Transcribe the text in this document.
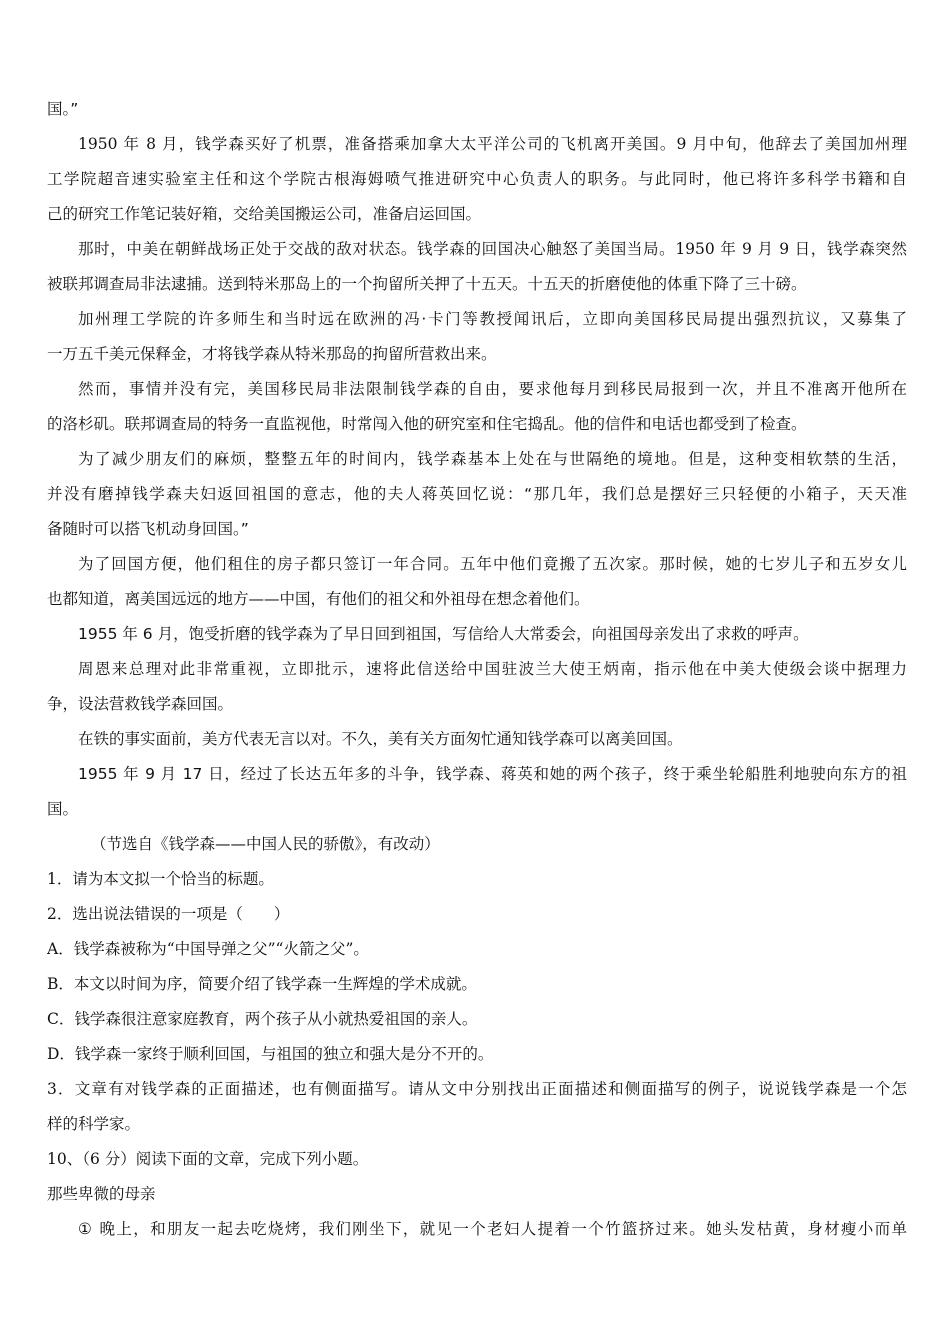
国。”
1950 年 8 月，钱学森买好了机票，准备搭乘加拿大太平洋公司的飞机离开美国。9 月中旬，他辞去了美国加州理
工学院超音速实验室主任和这个学院古根海姆喷气推进研究中心负责人的职务。与此同时，他已将许多科学书籍和自
己的研究工作笔记装好箱，交给美国搬运公司，准备启运回国。
那时，中美在朝鲜战场正处于交战的敌对状态。钱学森的回国决心触怒了美国当局。1950 年 9 月 9 日，钱学森突然
被联邦调查局非法逮捕。送到特米那岛上的一个拘留所关押了十五天。十五天的折磨使他的体重下降了三十磅。
加州理工学院的许多师生和当时远在欧洲的冯·卡门等教授闻讯后，立即向美国移民局提出强烈抗议，又募集了
一万五千美元保释金，才将钱学森从特米那岛的拘留所营救出来。
然而，事情并没有完，美国移民局非法限制钱学森的自由，要求他每月到移民局报到一次，并且不准离开他所在
的洛杉矶。联邦调查局的特务一直监视他，时常闯入他的研究室和住宅捣乱。他的信件和电话也都受到了检查。
为了减少朋友们的麻烦，整整五年的时间内，钱学森基本上处在与世隔绝的境地。但是，这种变相软禁的生活，
并没有磨掉钱学森夫妇返回祖国的意志，他的夫人蒋英回忆说：“那几年，我们总是摆好三只轻便的小箱子，天天准
备随时可以搭飞机动身回国。”
为了回国方便，他们租住的房子都只签订一年合同。五年中他们竟搬了五次家。那时候，她的七岁儿子和五岁女儿
也都知道，离美国远远的地方——中国，有他们的祖父和外祖母在想念着他们。
1955 年 6 月，饱受折磨的钱学森为了早日回到祖国，写信给人大常委会，向祖国母亲发出了求救的呼声。
周恩来总理对此非常重视，立即批示，速将此信送给中国驻波兰大使王炳南，指示他在中美大使级会谈中据理力
争，设法营救钱学森回国。
在铁的事实面前，美方代表无言以对。不久，美有关方面匆忙通知钱学森可以离美回国。
1955 年 9 月 17 日，经过了长达五年多的斗争，钱学森、蒋英和她的两个孩子，终于乘坐轮船胜利地驶向东方的祖
国。
（节选自《钱学森——中国人民的骄傲》，有改动）
1．请为本文拟一个恰当的标题。
2．选出说法错误的一项是（　　）
A．钱学森被称为“中国导弹之父”“火箭之父”。
B．本文以时间为序，简要介绍了钱学森一生辉煌的学术成就。
C．钱学森很注意家庭教育，两个孩子从小就热爱祖国的亲人。
D．钱学森一家终于顺利回国，与祖国的独立和强大是分不开的。
3．文章有对钱学森的正面描述，也有侧面描写。请从文中分别找出正面描述和侧面描写的例子，说说钱学森是一个怎
样的科学家。
10、（6 分）阅读下面的文章，完成下列小题。
那些卑微的母亲
① 晚上，和朋友一起去吃烧烤，我们刚坐下，就见一个老妇人提着一个竹篮挤过来。她头发枯黄，身材瘦小而单
